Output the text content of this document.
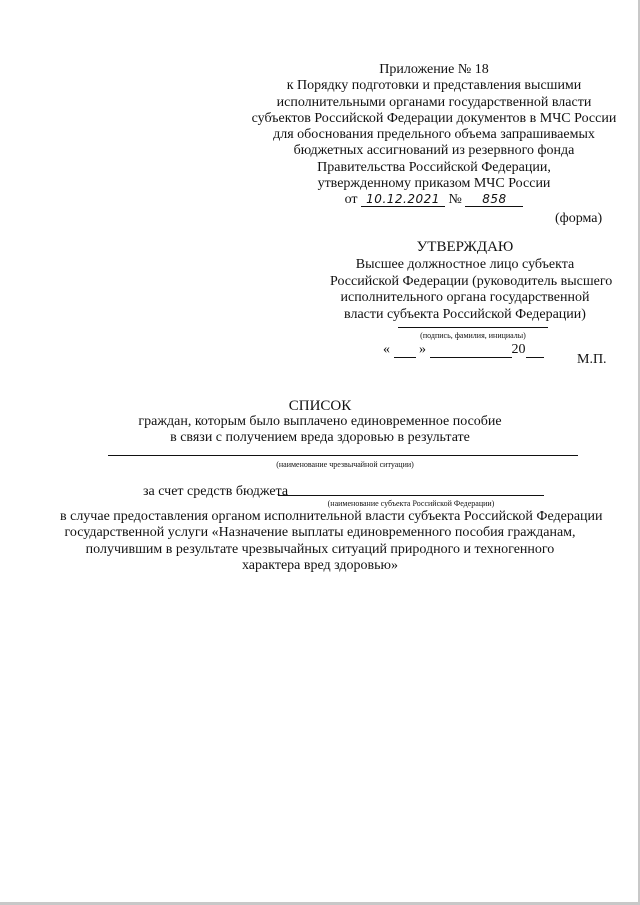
Приложение № 18
к Порядку подготовки и представления высшими
исполнительными органами государственной власти
субъектов Российской Федерации документов в МЧС России
для обоснования предельного объема запрашиваемых
бюджетных ассигнований из резервного фонда
Правительства Российской Федерации,
утвержденному приказом МЧС России
от 10.12.2021 № 858
(форма)
УТВЕРЖДАЮ
Высшее должностное лицо субъекта
Российской Федерации (руководитель высшего
исполнительного органа государственной
власти субъекта Российской Федерации)
(подпись, фамилия, инициалы)
« »	20
М.П.
СПИСОК
граждан, которым было выплачено единовременное пособие
в связи с получением вреда здоровью в результате
(наименование чрезвычайной ситуации)
за счет средств бюджета
(наименование субъекта Российской Федерации)
в случае предоставления органом исполнительной власти субъекта Российской Федерации
государственной услуги «Назначение выплаты единовременного пособия гражданам,
получившим в результате чрезвычайных ситуаций природного и техногенного
характера вред здоровью»
